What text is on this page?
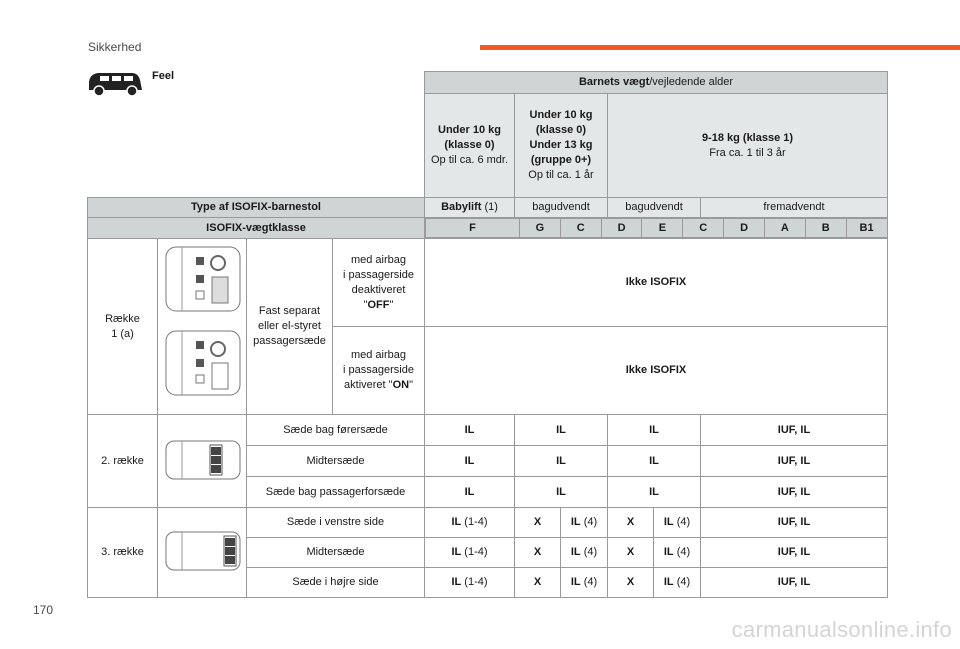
Sikkerhed
Feel
		Barnets vægt/vejledende alder
Under 10 kg
(klasse 0)
Op til ca. 6 mdr.	Under 10 kg
(klasse 0)
Under 13 kg
(gruppe 0+)
Op til ca. 1 år	9-18 kg (klasse 1)
Fra ca. 1 til 3 år
Type af ISOFIX-barnestol	Babylift (1)	bagudvendt	bagudvendt	fremadvendt
ISOFIX-vægtklasse		F	G	C	D	E	C	D	A	B	B1

Række
1 (a)		Fast separat
eller el-styret
passagersæde	med airbag
i passagerside
deaktiveret
"OFF"	Ikke ISOFIX
med airbag
i passagerside
aktiveret "ON"	Ikke ISOFIX
2. række		Sæde bag førersæde	IL	IL	IL	IUF, IL
Midtersæde	IL	IL	IL	IUF, IL
Sæde bag passagerforsæde	IL	IL	IL	IUF, IL
3. række		Sæde i venstre side	IL (1-4)	X	IL (4)	X	IL (4)	IUF, IL
Midtersæde	IL (1-4)	X	IL (4)	X	IL (4)	IUF, IL
Sæde i højre side	IL (1-4)	X	IL (4)	X	IL (4)	IUF, IL
170
carmanualsonline.info
